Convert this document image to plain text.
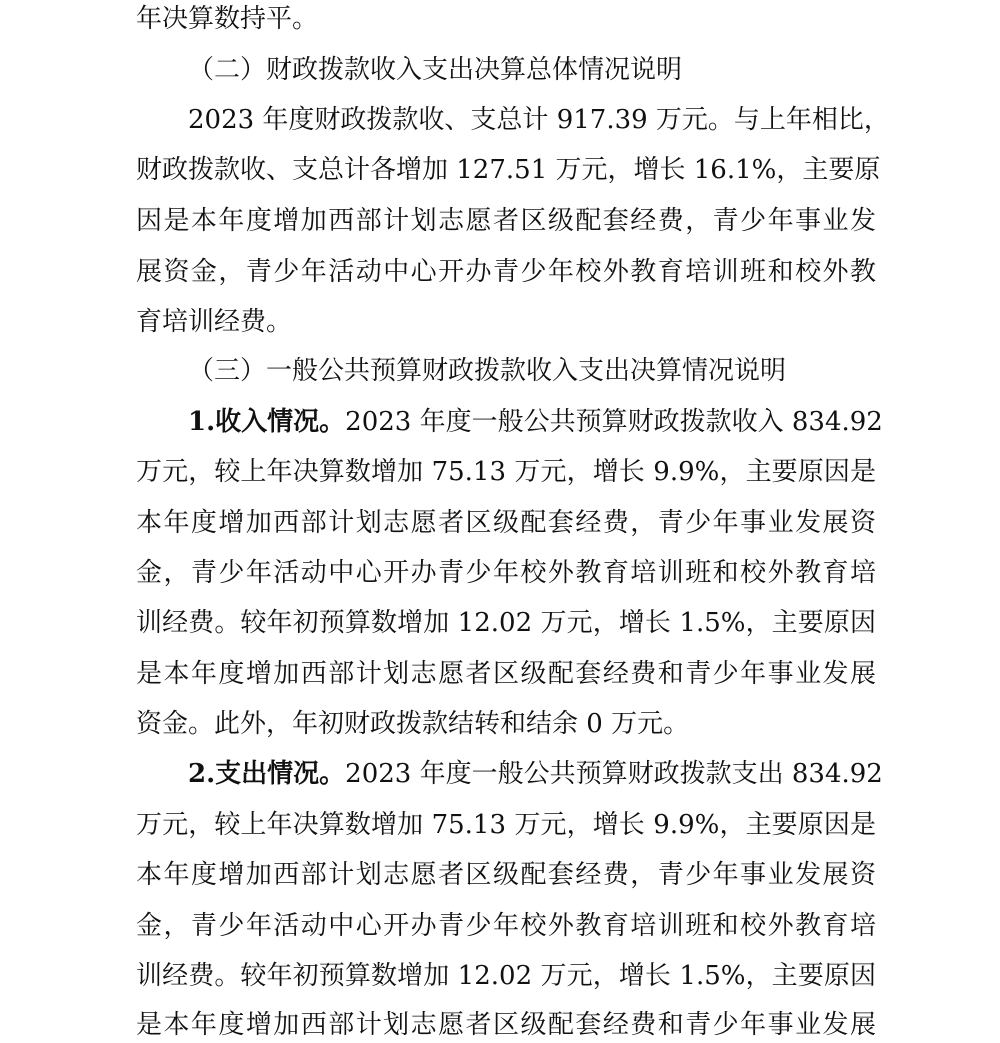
年决算数持平。
（二）财政拨款收入支出决算总体情况说明
2023 年度财政拨款收、支总计 917.39 万元。与上年相比，
财政拨款收、支总计各增加 127.51 万元，增长 16.1%，主要原
因是本年度增加西部计划志愿者区级配套经费，青少年事业发
展资金，青少年活动中心开办青少年校外教育培训班和校外教
育培训经费。
（三）一般公共预算财政拨款收入支出决算情况说明
1.收入情况。2023 年度一般公共预算财政拨款收入 834.92
万元，较上年决算数增加 75.13 万元，增长 9.9%，主要原因是
本年度增加西部计划志愿者区级配套经费，青少年事业发展资
金，青少年活动中心开办青少年校外教育培训班和校外教育培
训经费。较年初预算数增加 12.02 万元，增长 1.5%，主要原因
是本年度增加西部计划志愿者区级配套经费和青少年事业发展
资金。此外，年初财政拨款结转和结余 0 万元。
2.支出情况。2023 年度一般公共预算财政拨款支出 834.92
万元，较上年决算数增加 75.13 万元，增长 9.9%，主要原因是
本年度增加西部计划志愿者区级配套经费，青少年事业发展资
金，青少年活动中心开办青少年校外教育培训班和校外教育培
训经费。较年初预算数增加 12.02 万元，增长 1.5%，主要原因
是本年度增加西部计划志愿者区级配套经费和青少年事业发展
